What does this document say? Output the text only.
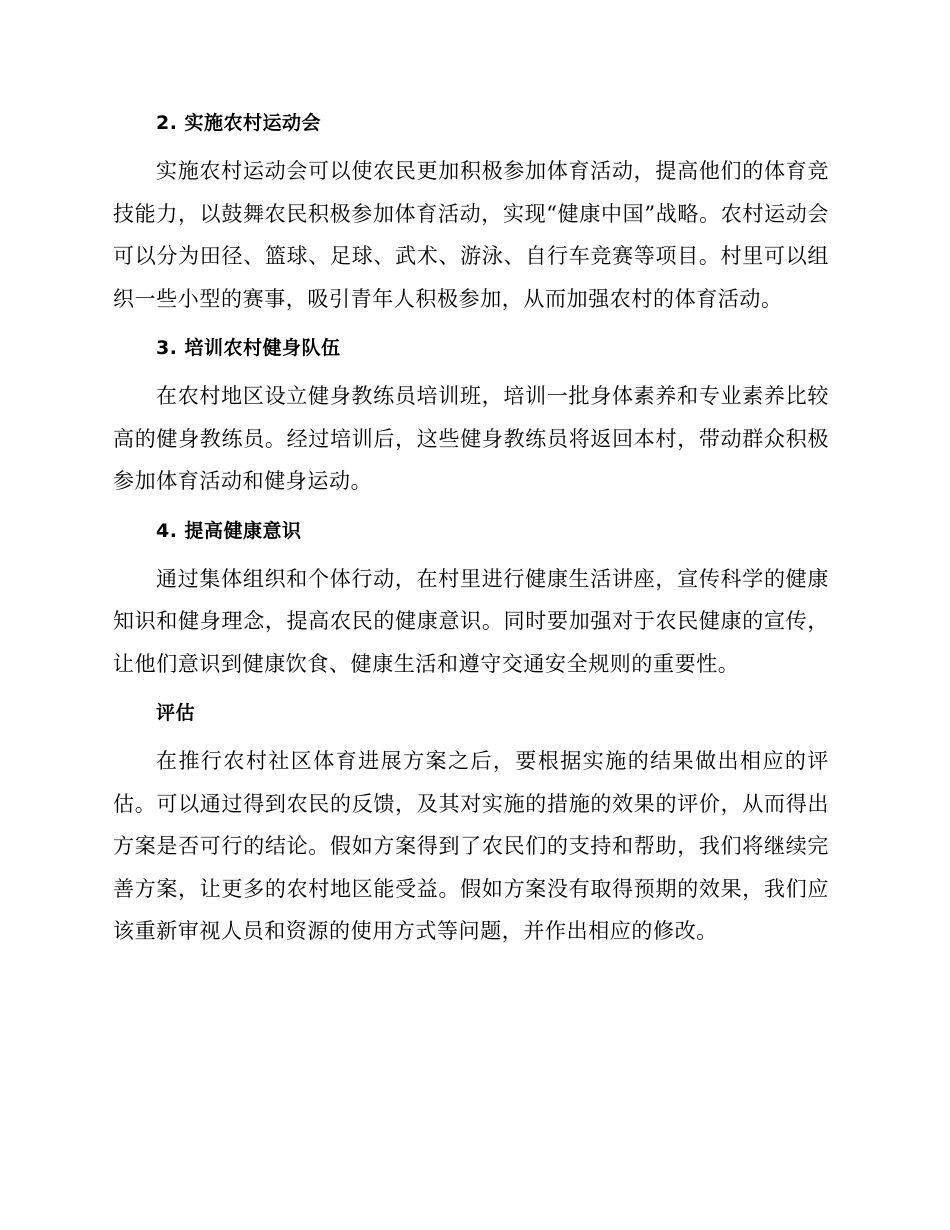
2. 实施农村运动会

实施农村运动会可以使农民更加积极参加体育活动，提高他们的体育竞技能力，以鼓舞农民积极参加体育活动，实现“健康中国”战略。农村运动会可以分为田径、篮球、足球、武术、游泳、自行车竞赛等项目。村里可以组织一些小型的赛事，吸引青年人积极参加，从而加强农村的体育活动。

3. 培训农村健身队伍

在农村地区设立健身教练员培训班，培训一批身体素养和专业素养比较高的健身教练员。经过培训后，这些健身教练员将返回本村，带动群众积极参加体育活动和健身运动。

4. 提高健康意识

通过集体组织和个体行动，在村里进行健康生活讲座，宣传科学的健康知识和健身理念，提高农民的健康意识。同时要加强对于农民健康的宣传，让他们意识到健康饮食、健康生活和遵守交通安全规则的重要性。

评估

在推行农村社区体育进展方案之后，要根据实施的结果做出相应的评估。可以通过得到农民的反馈，及其对实施的措施的效果的评价，从而得出方案是否可行的结论。假如方案得到了农民们的支持和帮助，我们将继续完善方案，让更多的农村地区能受益。假如方案没有取得预期的效果，我们应该重新审视人员和资源的使用方式等问题，并作出相应的修改。
